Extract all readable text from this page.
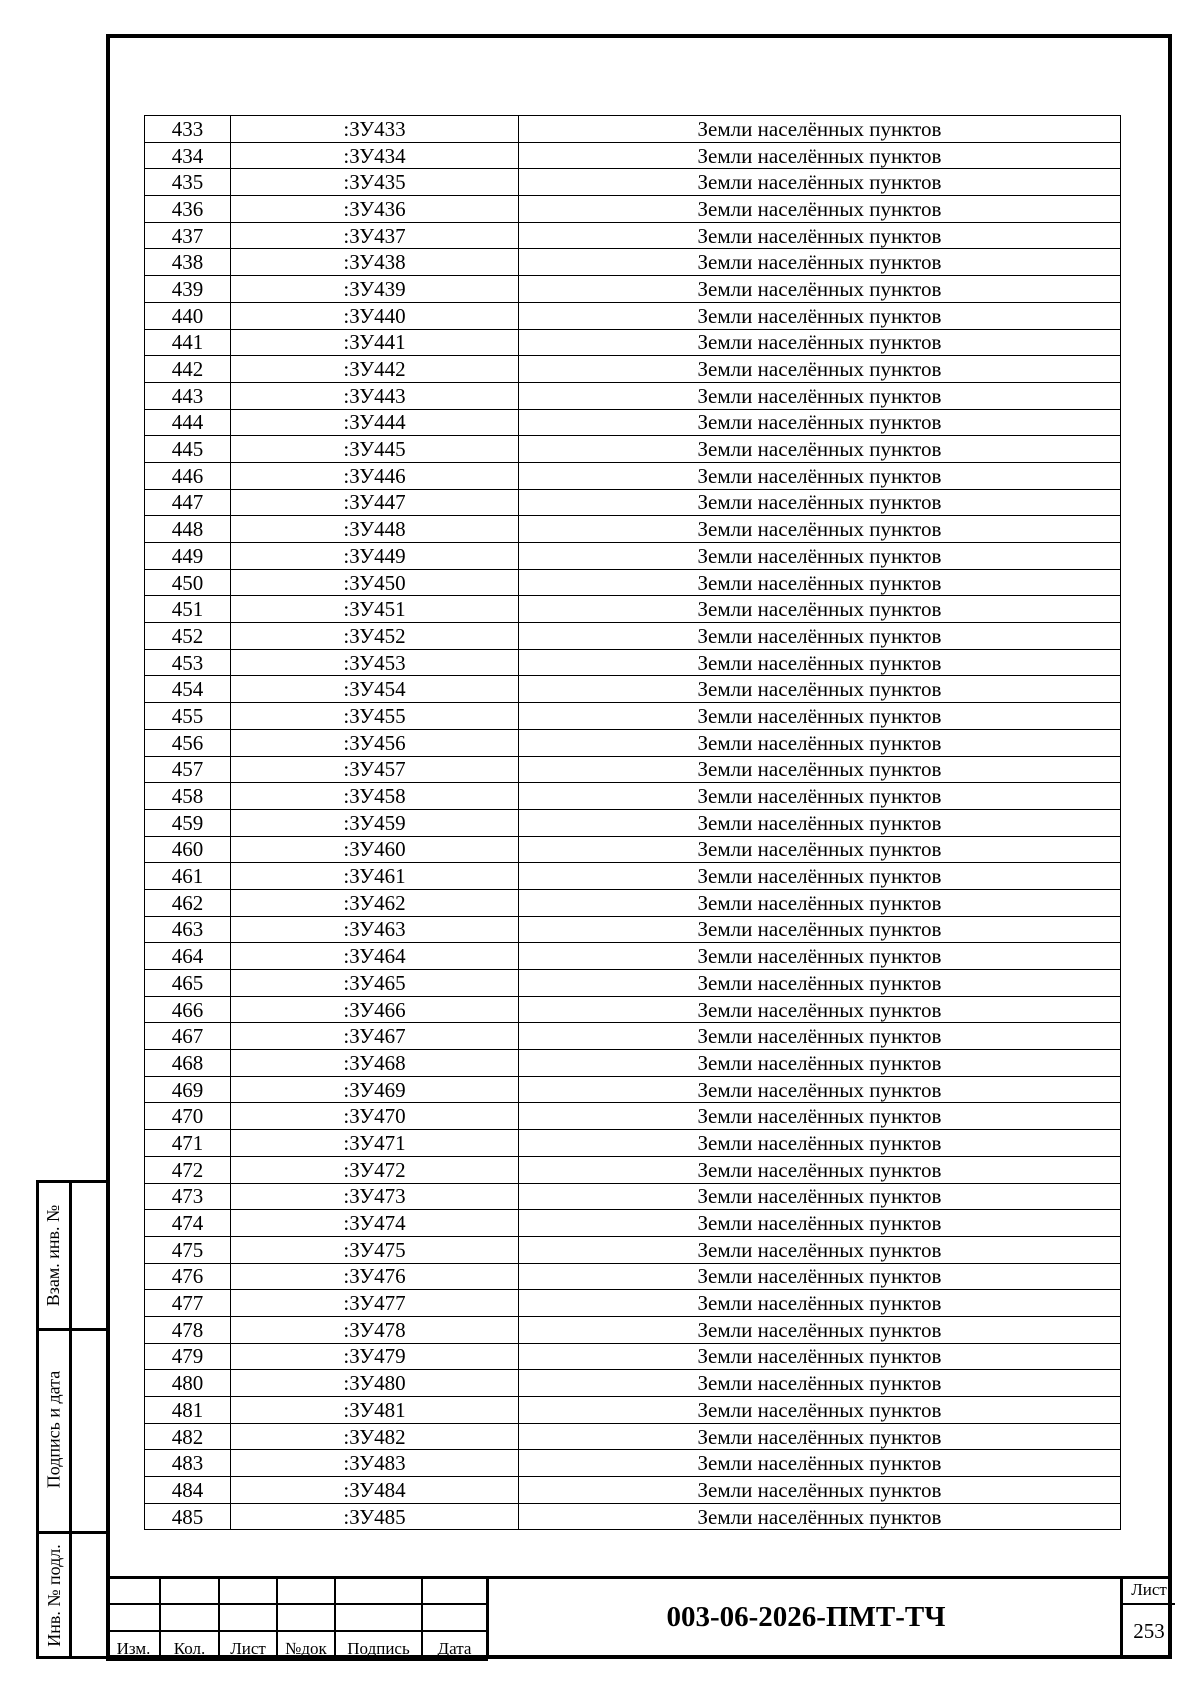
433	:ЗУ433	Земли населённых пунктов
434	:ЗУ434	Земли населённых пунктов
435	:ЗУ435	Земли населённых пунктов
436	:ЗУ436	Земли населённых пунктов
437	:ЗУ437	Земли населённых пунктов
438	:ЗУ438	Земли населённых пунктов
439	:ЗУ439	Земли населённых пунктов
440	:ЗУ440	Земли населённых пунктов
441	:ЗУ441	Земли населённых пунктов
442	:ЗУ442	Земли населённых пунктов
443	:ЗУ443	Земли населённых пунктов
444	:ЗУ444	Земли населённых пунктов
445	:ЗУ445	Земли населённых пунктов
446	:ЗУ446	Земли населённых пунктов
447	:ЗУ447	Земли населённых пунктов
448	:ЗУ448	Земли населённых пунктов
449	:ЗУ449	Земли населённых пунктов
450	:ЗУ450	Земли населённых пунктов
451	:ЗУ451	Земли населённых пунктов
452	:ЗУ452	Земли населённых пунктов
453	:ЗУ453	Земли населённых пунктов
454	:ЗУ454	Земли населённых пунктов
455	:ЗУ455	Земли населённых пунктов
456	:ЗУ456	Земли населённых пунктов
457	:ЗУ457	Земли населённых пунктов
458	:ЗУ458	Земли населённых пунктов
459	:ЗУ459	Земли населённых пунктов
460	:ЗУ460	Земли населённых пунктов
461	:ЗУ461	Земли населённых пунктов
462	:ЗУ462	Земли населённых пунктов
463	:ЗУ463	Земли населённых пунктов
464	:ЗУ464	Земли населённых пунктов
465	:ЗУ465	Земли населённых пунктов
466	:ЗУ466	Земли населённых пунктов
467	:ЗУ467	Земли населённых пунктов
468	:ЗУ468	Земли населённых пунктов
469	:ЗУ469	Земли населённых пунктов
470	:ЗУ470	Земли населённых пунктов
471	:ЗУ471	Земли населённых пунктов
472	:ЗУ472	Земли населённых пунктов
473	:ЗУ473	Земли населённых пунктов
474	:ЗУ474	Земли населённых пунктов
475	:ЗУ475	Земли населённых пунктов
476	:ЗУ476	Земли населённых пунктов
477	:ЗУ477	Земли населённых пунктов
478	:ЗУ478	Земли населённых пунктов
479	:ЗУ479	Земли населённых пунктов
480	:ЗУ480	Земли населённых пунктов
481	:ЗУ481	Земли населённых пунктов
482	:ЗУ482	Земли населённых пунктов
483	:ЗУ483	Земли населённых пунктов
484	:ЗУ484	Земли населённых пунктов
485	:ЗУ485	Земли населённых пунктов
Взам. инв. №
Подпись и дата
Инв. № подл.

Изм.	Кол.	Лист	№док	Подпись	Дата
003-06-2026-ПМТ-ТЧ
Лист
253
